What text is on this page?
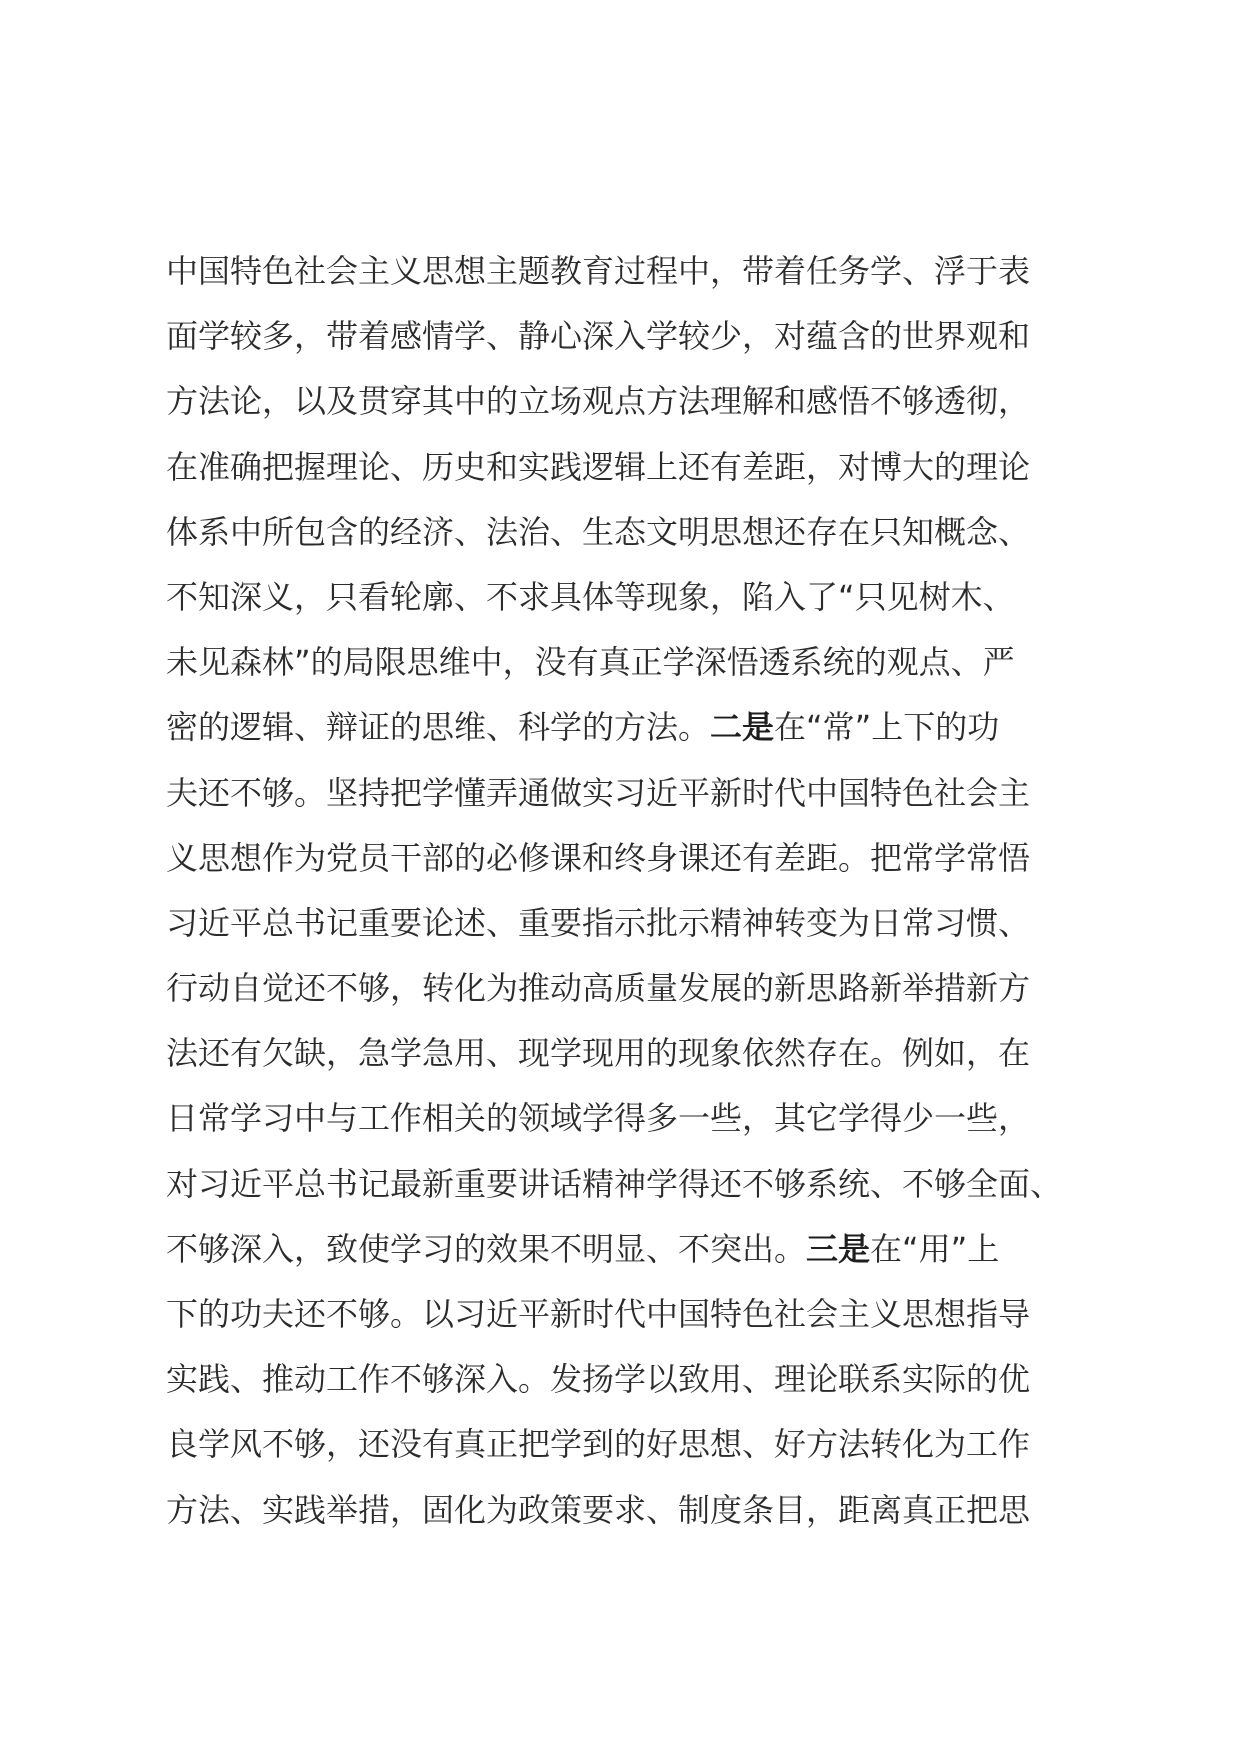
中国特色社会主义思想主题教育过程中，带着任务学、浮于表
面学较多，带着感情学、静心深入学较少，对蕴含的世界观和
方法论，以及贯穿其中的立场观点方法理解和感悟不够透彻，
在准确把握理论、历史和实践逻辑上还有差距，对博大的理论
体系中所包含的经济、法治、生态文明思想还存在只知概念、
不知深义，只看轮廓、不求具体等现象，陷入了“只见树木、
未见森林”的局限思维中，没有真正学深悟透系统的观点、严
密的逻辑、辩证的思维、科学的方法。二是在“常”上下的功
夫还不够。坚持把学懂弄通做实习近平新时代中国特色社会主
义思想作为党员干部的必修课和终身课还有差距。把常学常悟
习近平总书记重要论述、重要指示批示精神转变为日常习惯、
行动自觉还不够，转化为推动高质量发展的新思路新举措新方
法还有欠缺，急学急用、现学现用的现象依然存在。例如，在
日常学习中与工作相关的领域学得多一些，其它学得少一些，
对习近平总书记最新重要讲话精神学得还不够系统、不够全面、
不够深入，致使学习的效果不明显、不突出。三是在“用”上
下的功夫还不够。以习近平新时代中国特色社会主义思想指导
实践、推动工作不够深入。发扬学以致用、理论联系实际的优
良学风不够，还没有真正把学到的好思想、好方法转化为工作
方法、实践举措，固化为政策要求、制度条目，距离真正把思
